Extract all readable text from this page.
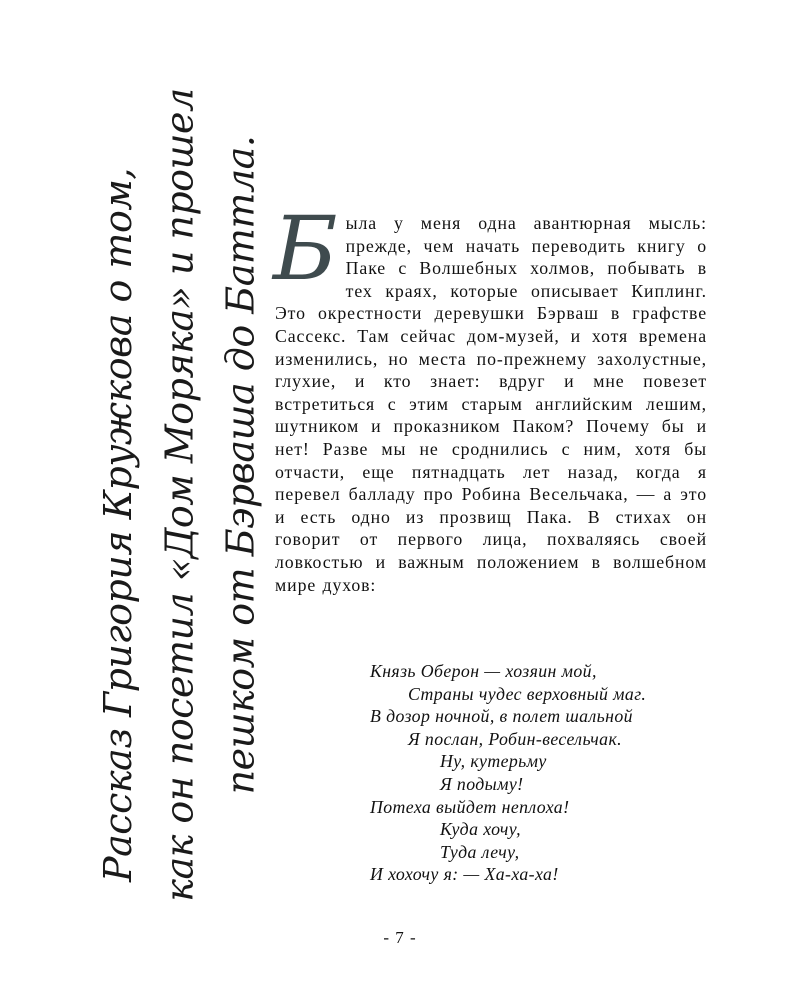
Рассказ Григория Кружкова о том, как он посетил «Дом Моряка» и прошел пешком от Бэрваша до Баттла. Б ыла у меня одна авантюрная мысль: прежде, чем начать переводить книгу о Паке с Волшебных холмов, побывать в тех краях, которые описывает Киплинг. Это окрестности деревушки Бэрваш в графстве Сассекс. Там сейчас дом-музей, и хотя времена изменились, но места по-прежнему захолустные, глухие, и кто знает: вдруг и мне повезет встретиться с этим старым английским лешим, шутником и проказником Паком? Почему бы и нет! Разве мы не сроднились с ним, хотя бы отчасти, еще пятнадцать лет назад, когда я перевел балладу про Робина Весельчака, — а это и есть одно из прозвищ Пака. В стихах он говорит от первого лица, похваляясь своей ловкостью и важным положением в волшебном мире духов:

Князь Оберон — хозяин мой,
Страны чудес верховный маг.
В дозор ночной, в полет шальной
Я послан, Робин-весельчак.
Ну, кутерьму
Я подыму!
Потеха выйдет неплоха!
Куда хочу,
Туда лечу,
И хохочу я: — Ха-ха-ха!
- 7 -
